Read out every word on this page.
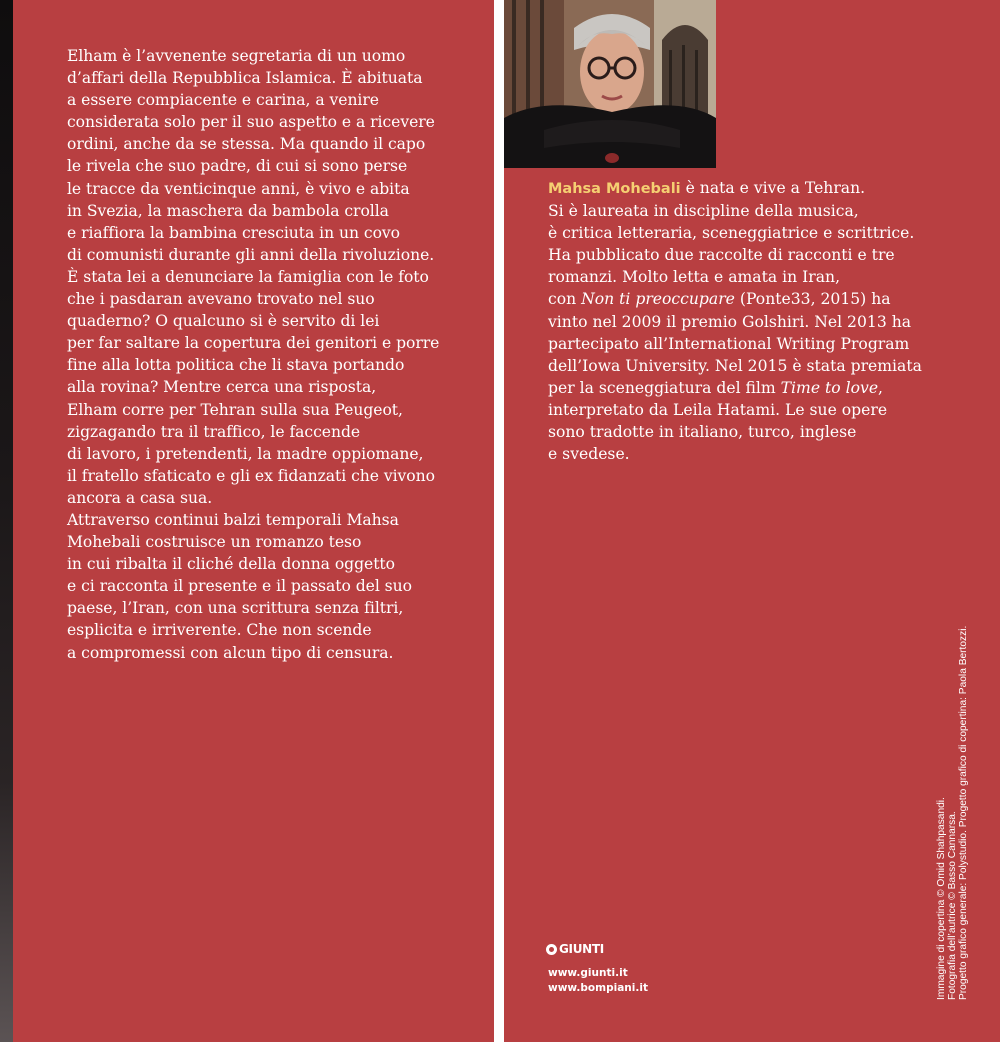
Elham è l’avvenente segretaria di un uomo
d’affari della Repubblica Islamica. È abituata
a essere compiacente e carina, a venire
considerata solo per il suo aspetto e a ricevere
ordini, anche da se stessa. Ma quando il capo
le rivela che suo padre, di cui si sono perse
le tracce da venticinque anni, è vivo e abita
in Svezia, la maschera da bambola crolla
e riaffiora la bambina cresciuta in un covo
di comunisti durante gli anni della rivoluzione.
È stata lei a denunciare la famiglia con le foto
che i pasdaran avevano trovato nel suo
quaderno? O qualcuno si è servito di lei
per far saltare la copertura dei genitori e porre
fine alla lotta politica che li stava portando
alla rovina? Mentre cerca una risposta,
Elham corre per Tehran sulla sua Peugeot,
zigzagando tra il traffico, le faccende
di lavoro, i pretendenti, la madre oppiomane,
il fratello sfaticato e gli ex fidanzati che vivono
ancora a casa sua.

Attraverso continui balzi temporali Mahsa
Mohebali costruisce un romanzo teso
in cui ribalta il cliché della donna oggetto
e ci racconta il presente e il passato del suo
paese, l’Iran, con una scrittura senza filtri,
esplicita e irriverente. Che non scende
a compromessi con alcun tipo di censura.

Mahsa Mohebali è nata e vive a Tehran.
Si è laureata in discipline della musica,
è critica letteraria, sceneggiatrice e scrittrice.
Ha pubblicato due raccolte di racconti e tre
romanzi. Molto letta e amata in Iran,
con Non ti preoccupare (Ponte33, 2015) ha
vinto nel 2009 il premio Golshiri. Nel 2013 ha
partecipato all’International Writing Program
dell’Iowa University. Nel 2015 è stata premiata
per la sceneggiatura del film Time to love,
interpretato da Leila Hatami. Le sue opere
sono tradotte in italiano, turco, inglese
e svedese.
GIUNTI
www.giunti.it
www.bompiani.it	Immagine di copertina © Omid Shahpasandi. Fotografia dell’autrice © Basso Cannarsa. Progetto grafico generale: Polystudio. Progetto grafico di copertina: Paola Bertozzi.
